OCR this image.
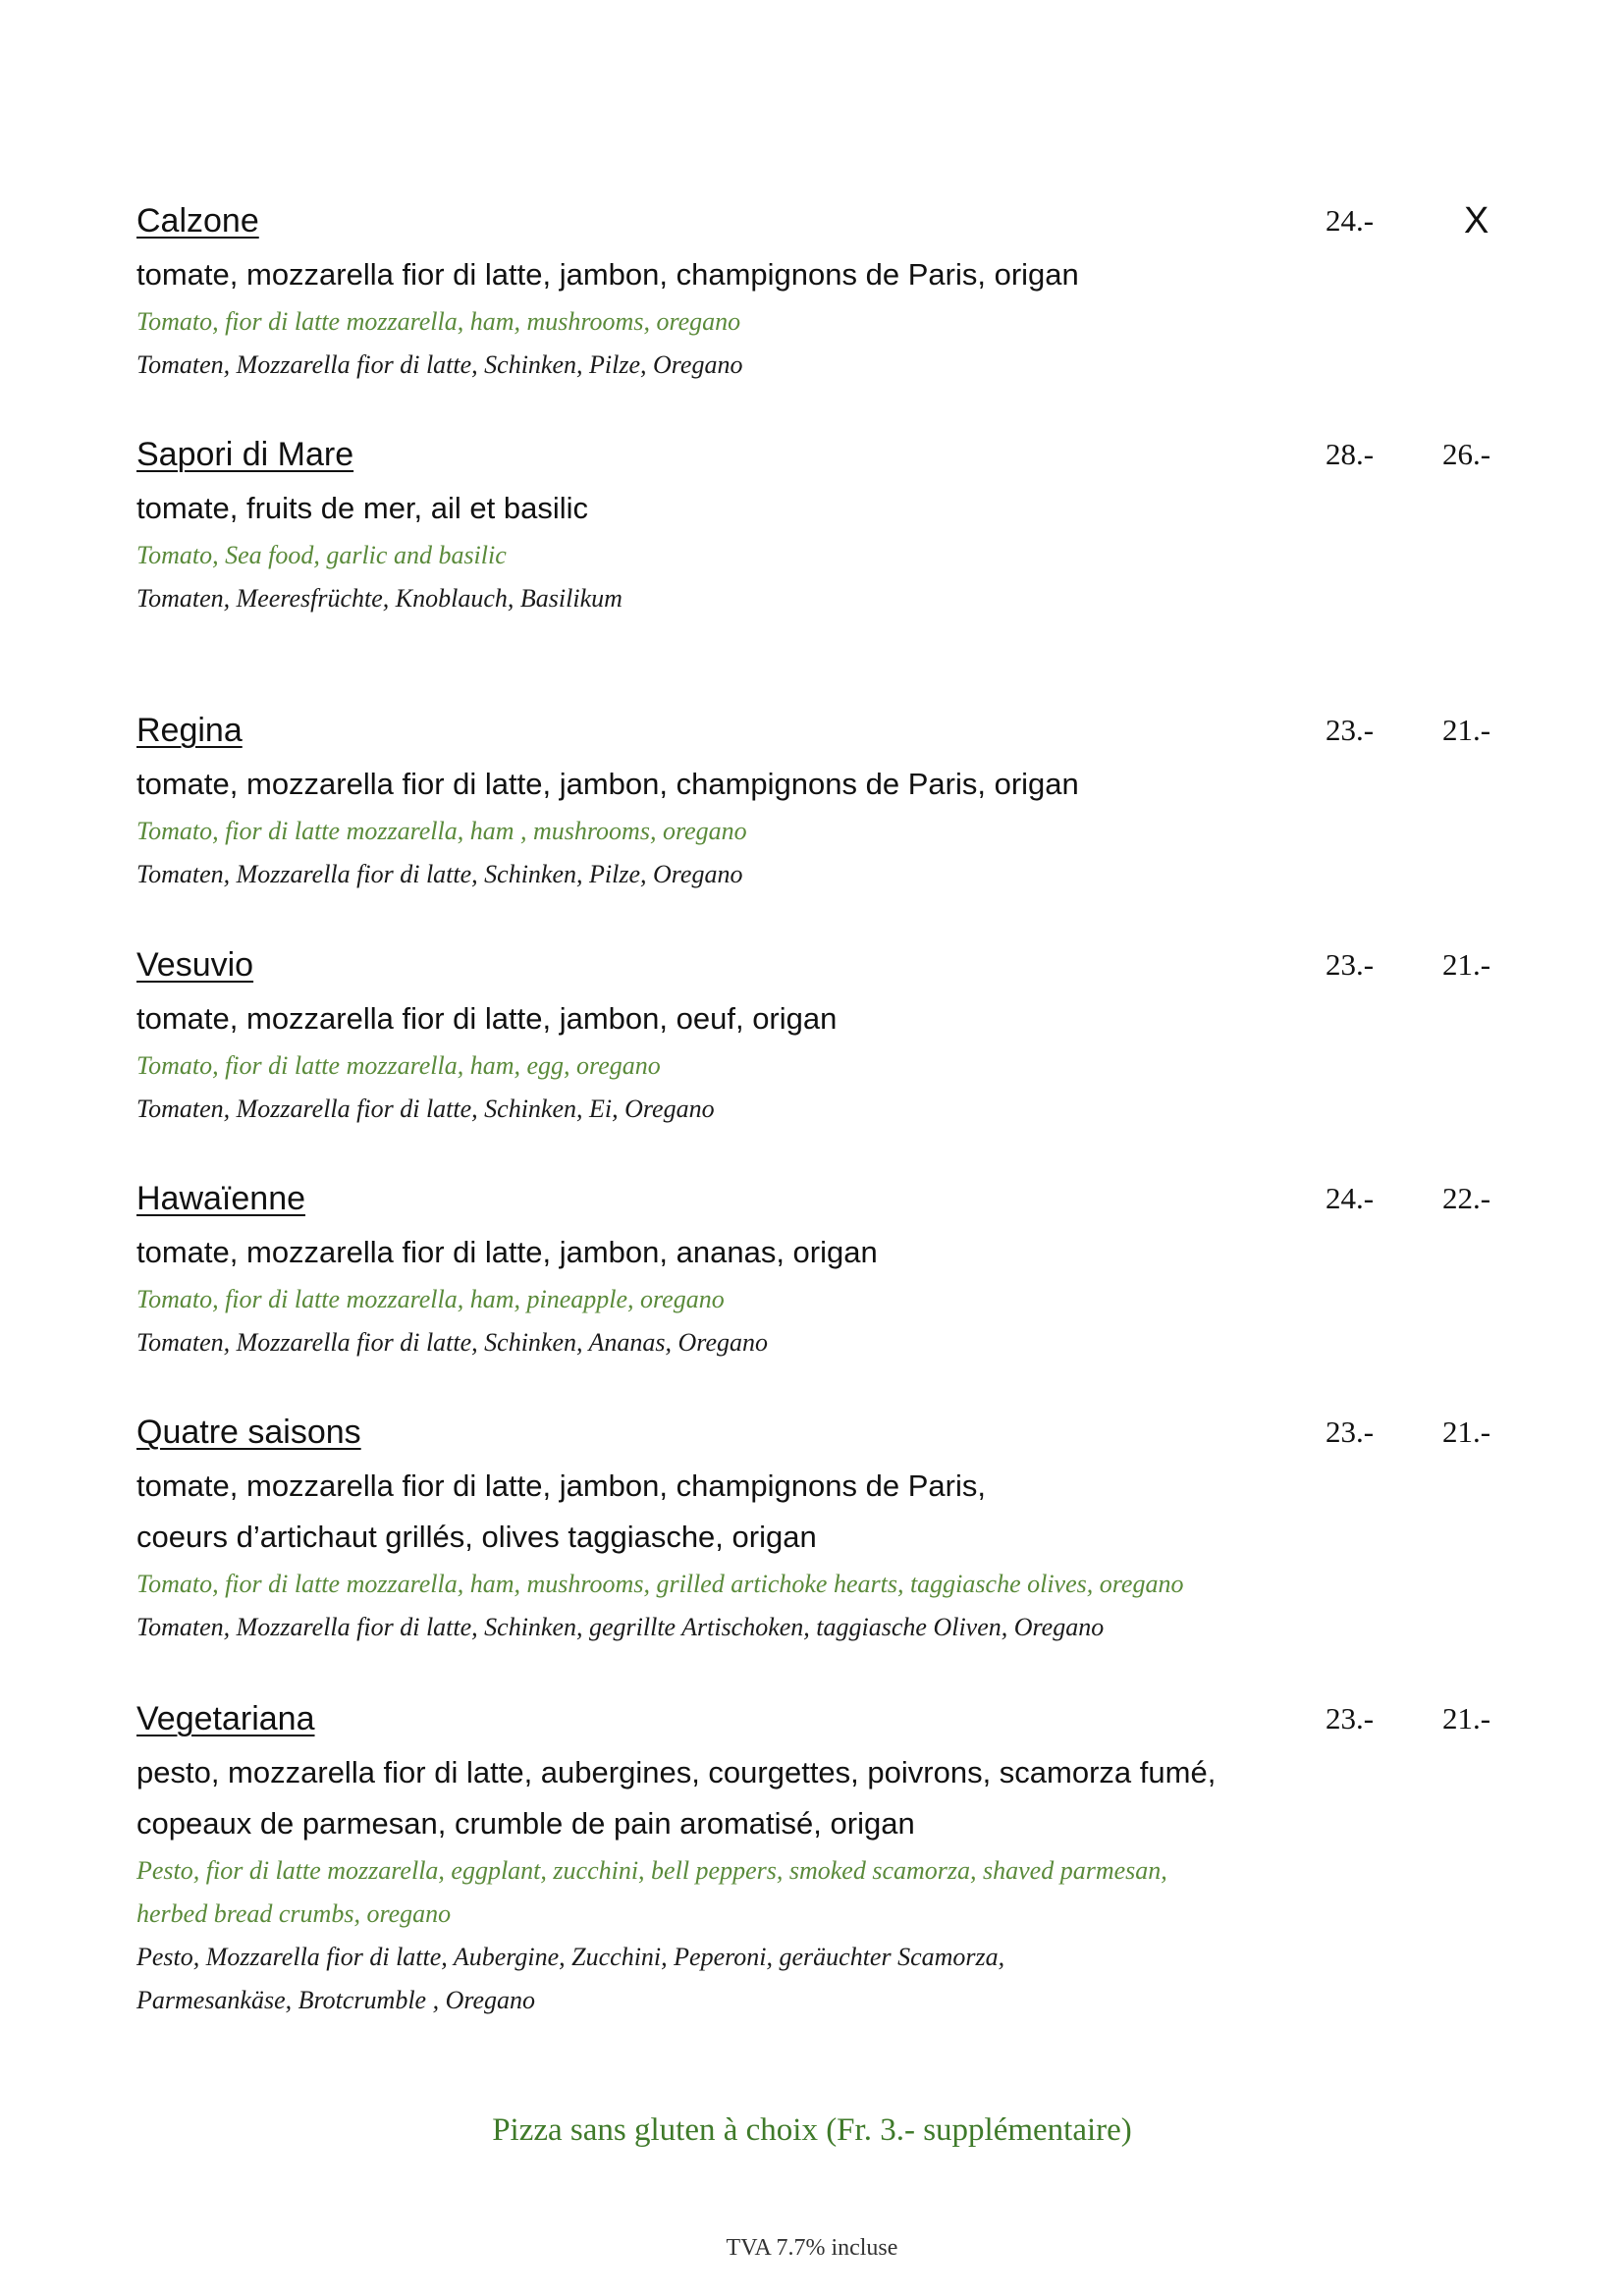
Calzone	24.- X
tomate, mozzarella fior di latte, jambon, champignons de Paris, origan
Tomato, fior di latte mozzarella, ham, mushrooms, oregano
Tomaten, Mozzarella fior di latte, Schinken, Pilze, Oregano
Sapori di Mare	28.- 26.-
tomate, fruits de mer, ail et basilic
Tomato, Sea food, garlic and basilic
Tomaten, Meeresfrüchte, Knoblauch, Basilikum
Regina	23.- 21.-
tomate, mozzarella fior di latte, jambon, champignons de Paris, origan
Tomato, fior di latte mozzarella, ham , mushrooms, oregano
Tomaten, Mozzarella fior di latte, Schinken, Pilze, Oregano
Vesuvio	23.- 21.-
tomate, mozzarella fior di latte, jambon, oeuf, origan
Tomato, fior di latte mozzarella, ham, egg, oregano
Tomaten, Mozzarella fior di latte, Schinken, Ei, Oregano
Hawaïenne	24.- 22.-
tomate, mozzarella fior di latte, jambon, ananas, origan
Tomato, fior di latte mozzarella, ham, pineapple, oregano
Tomaten, Mozzarella fior di latte, Schinken, Ananas, Oregano
Quatre saisons	23.- 21.-
tomate, mozzarella fior di latte, jambon, champignons de Paris,
coeurs d’artichaut grillés, olives taggiasche, origan
Tomato, fior di latte mozzarella, ham, mushrooms, grilled artichoke hearts, taggiasche olives, oregano
Tomaten, Mozzarella fior di latte, Schinken, gegrillte Artischoken, taggiasche Oliven, Oregano
Vegetariana	23.- 21.-
pesto, mozzarella fior di latte, aubergines, courgettes, poivrons, scamorza fumé,
copeaux de parmesan, crumble de pain aromatisé, origan
Pesto, fior di latte mozzarella, eggplant, zucchini, bell peppers, smoked scamorza, shaved parmesan,
herbed bread crumbs, oregano
Pesto, Mozzarella fior di latte, Aubergine, Zucchini, Peperoni, geräuchter Scamorza,
Parmesankäse, Brotcrumble , Oregano
Pizza sans gluten à choix (Fr. 3.- supplémentaire)
TVA 7.7% incluse
